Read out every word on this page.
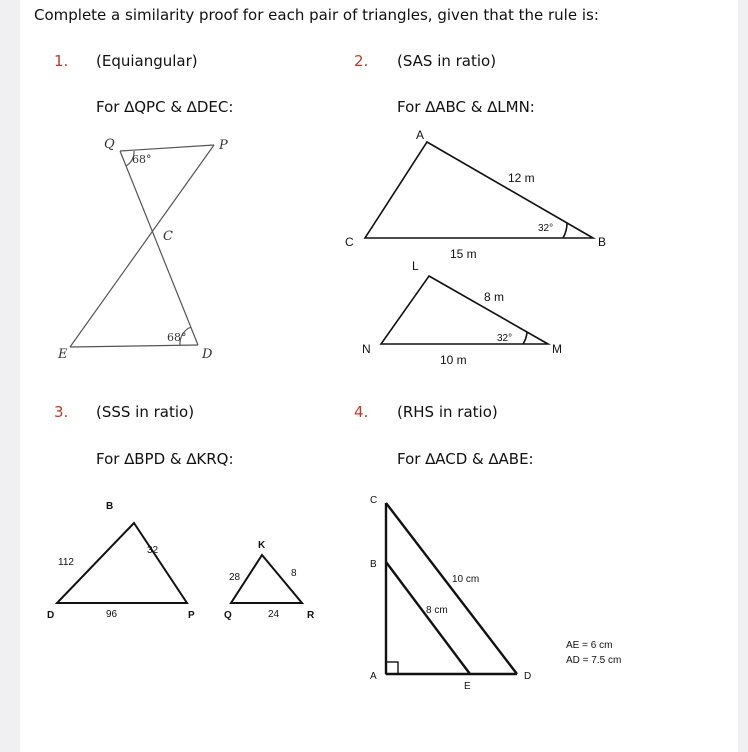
Complete a similarity proof for each pair of triangles, given that the rule is:
1. (Equiangular)
For ∆QPC & ∆DEC:
2. (SAS in ratio)
For ∆ABC & ∆LMN:
3. (SSS in ratio)
For ∆BPD & ∆KRQ:
4. (RHS in ratio)
For ∆ACD & ∆ABE:
Q	P
C
E	D
68°
68°
A
B
C
12 m
15 m
32°
L
M
N
8 m
10 m
32°
B
D	P
112
32
96
K
Q	R
28	8
24
C
B
A
E
D
10 cm
8 cm
AE = 6 cm
AD = 7.5 cm
